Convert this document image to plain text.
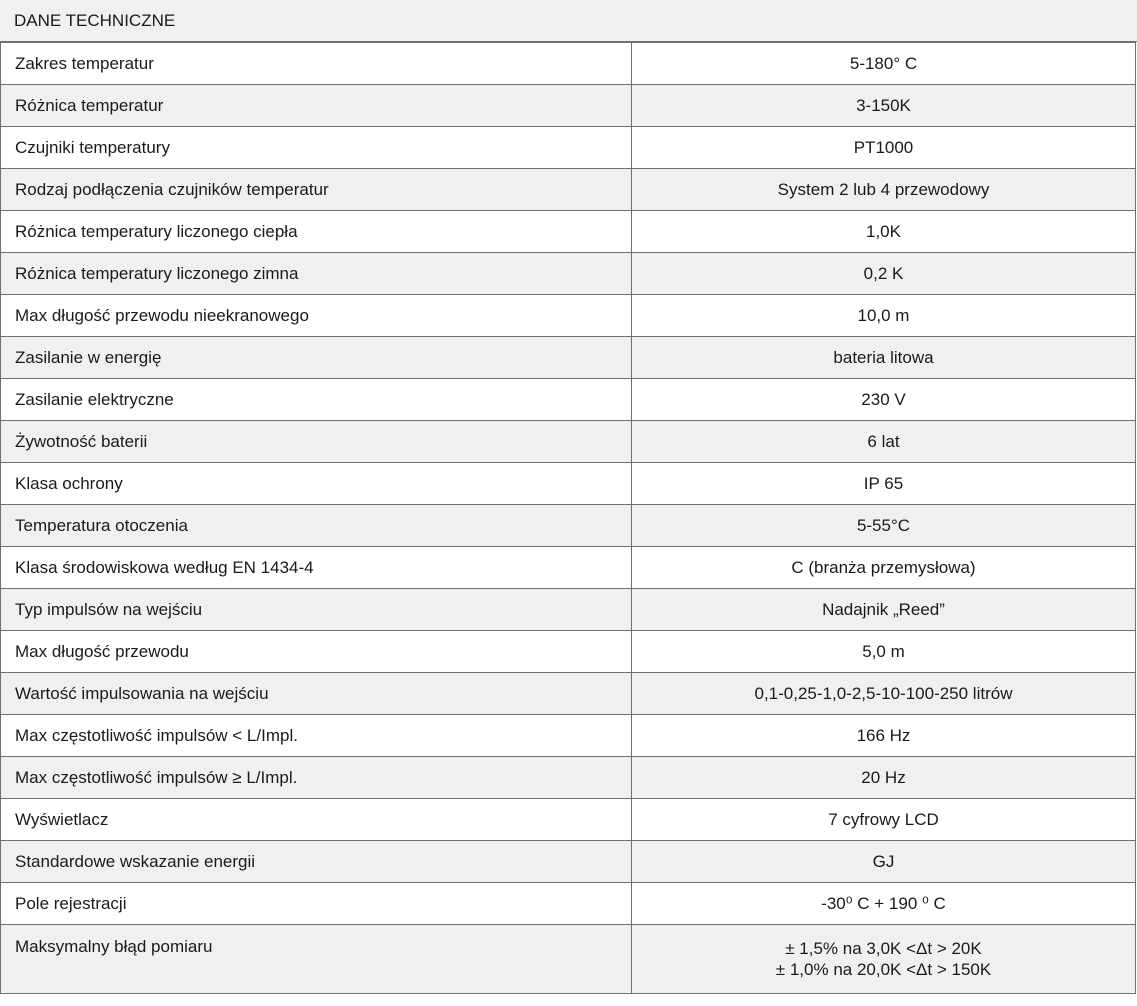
DANE TECHNICZNE
Zakres temperatur	5-180° C
Różnica temperatur	3-150K
Czujniki temperatury	PT1000
Rodzaj podłączenia czujników temperatur	System 2 lub 4 przewodowy
Różnica temperatury liczonego ciepła	1,0K
Różnica temperatury liczonego zimna	0,2 K
Max długość przewodu nieekranowego	10,0 m
Zasilanie w energię	bateria litowa
Zasilanie elektryczne	230 V
Żywotność baterii	6 lat
Klasa ochrony	IP 65
Temperatura otoczenia	5-55°C
Klasa środowiskowa według EN 1434-4	C (branża przemysłowa)
Typ impulsów na wejściu	Nadajnik „Reed”
Max długość przewodu	5,0 m
Wartość impulsowania na wejściu	0,1-0,25-1,0-2,5-10-100-250 litrów
Max częstotliwość impulsów < L/Impl.	166 Hz
Max częstotliwość impulsów ≥ L/Impl.	20 Hz
Wyświetlacz	7 cyfrowy LCD
Standardowe wskazanie energii	GJ
Pole rejestracji	-30⁰ C + 190 ⁰ C
Maksymalny błąd pomiaru	± 1,5% na 3,0K <Δt > 20K
± 1,0% na 20,0K <Δt > 150K
